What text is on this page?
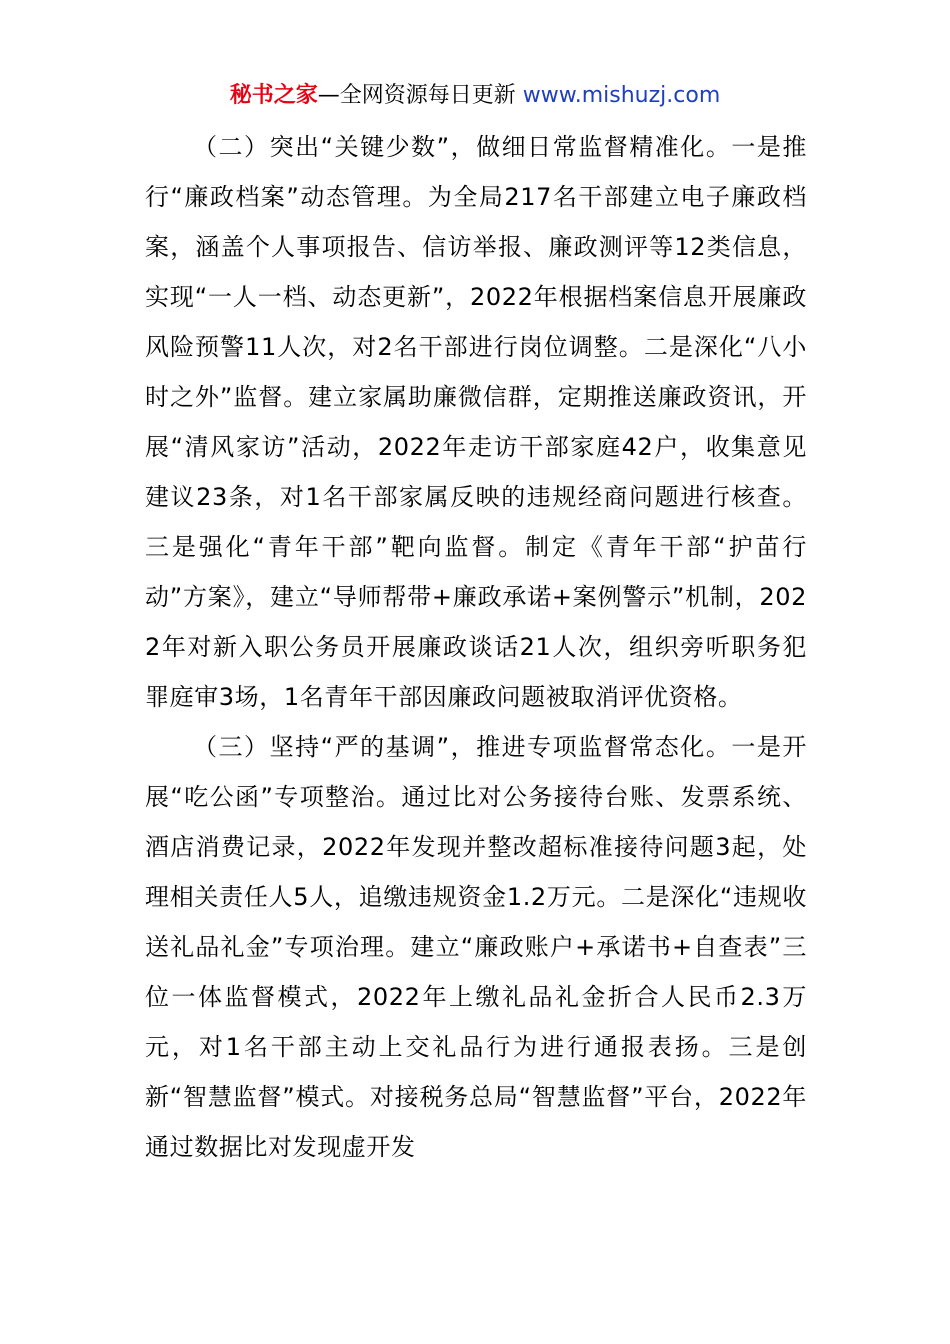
秘书之家—全网资源每日更新 www.mishuzj.com

（二）突出“关键少数”，做细日常监督精准化。一是推行“廉政档案”动态管理。为全局217名干部建立电子廉政档案，涵盖个人事项报告、信访举报、廉政测评等12类信息，实现“一人一档、动态更新”，2022年根据档案信息开展廉政风险预警11人次，对2名干部进行岗位调整。二是深化“八小时之外”监督。建立家属助廉微信群，定期推送廉政资讯，开展“清风家访”活动，2022年走访干部家庭42户，收集意见建议23条，对1名干部家属反映的违规经商问题进行核查。三是强化“青年干部”靶向监督。制定《青年干部“护苗行动”方案》，建立“导师帮带+廉政承诺+案例警示”机制，2022年对新入职公务员开展廉政谈话21人次，组织旁听职务犯罪庭审3场，1名青年干部因廉政问题被取消评优资格。

（三）坚持“严的基调”，推进专项监督常态化。一是开展“吃公函”专项整治。通过比对公务接待台账、发票系统、酒店消费记录，2022年发现并整改超标准接待问题3起，处理相关责任人5人，追缴违规资金1.2万元。二是深化“违规收送礼品礼金”专项治理。建立“廉政账户+承诺书+自查表”三位一体监督模式，2022年上缴礼品礼金折合人民币2.3万元，对1名干部主动上交礼品行为进行通报表扬。三是创新“智慧监督”模式。对接税务总局“智慧监督”平台，2022年通过数据比对发现虚开发
